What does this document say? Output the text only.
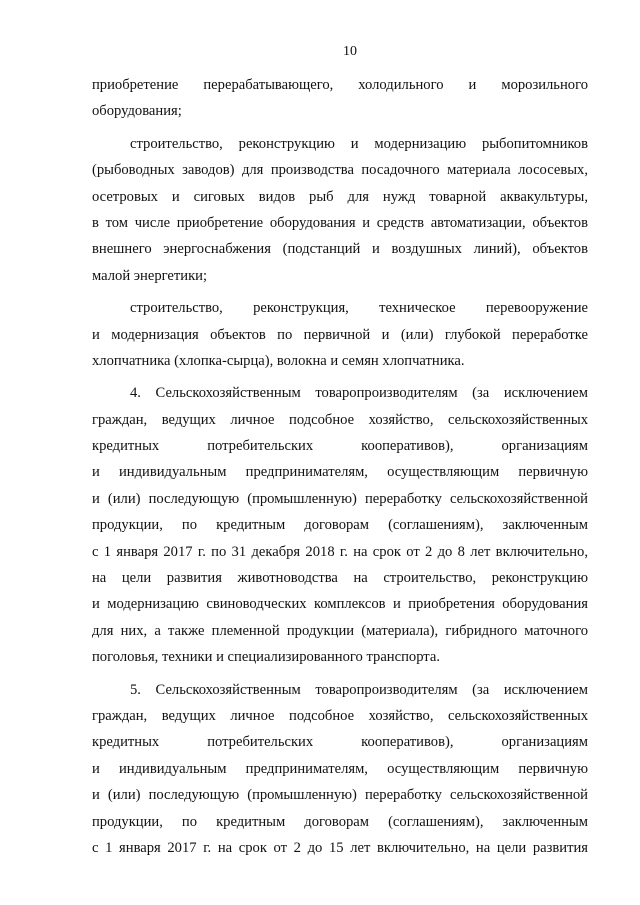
10
приобретение перерабатывающего, холодильного и морозильного
оборудования;
строительство, реконструкцию и модернизацию рыбопитомников
(рыбоводных заводов) для производства посадочного материала лососевых,
осетровых и сиговых видов рыб для нужд товарной аквакультуры,
в том числе приобретение оборудования и средств автоматизации, объектов
внешнего энергоснабжения (подстанций и воздушных линий), объектов
малой энергетики;
строительство, реконструкция, техническое перевооружение
и модернизация объектов по первичной и (или) глубокой переработке
хлопчатника (хлопка-сырца), волокна и семян хлопчатника.
4. Сельскохозяйственным товаропроизводителям (за исключением
граждан, ведущих личное подсобное хозяйство, сельскохозяйственных
кредитных потребительских кооперативов), организациям
и индивидуальным предпринимателям, осуществляющим первичную
и (или) последующую (промышленную) переработку сельскохозяйственной
продукции, по кредитным договорам (соглашениям), заключенным
с 1 января 2017 г. по 31 декабря 2018 г. на срок от 2 до 8 лет включительно,
на цели развития животноводства на строительство, реконструкцию
и модернизацию свиноводческих комплексов и приобретения оборудования
для них, а также племенной продукции (материала), гибридного маточного
поголовья, техники и специализированного транспорта.
5. Сельскохозяйственным товаропроизводителям (за исключением
граждан, ведущих личное подсобное хозяйство, сельскохозяйственных
кредитных потребительских кооперативов), организациям
и индивидуальным предпринимателям, осуществляющим первичную
и (или) последующую (промышленную) переработку сельскохозяйственной
продукции, по кредитным договорам (соглашениям), заключенным
с 1 января 2017 г. на срок от 2 до 15 лет включительно, на цели развития
